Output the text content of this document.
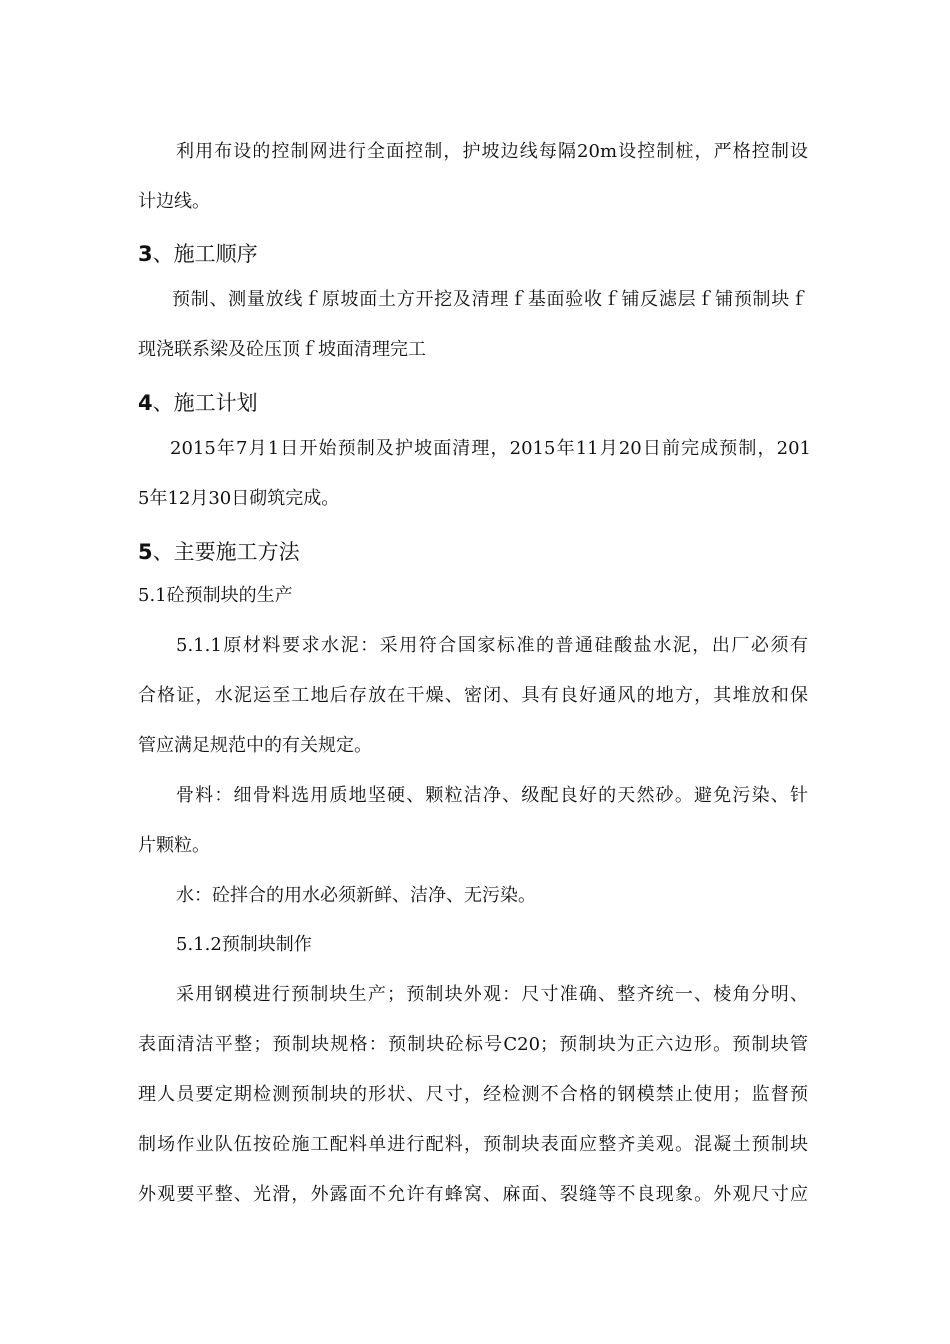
利用布设的控制网进行全面控制，护坡边线每隔20m设控制桩，严格控制设
计边线。
3、施工顺序
预制、测量放线ｆ原坡面土方开挖及清理ｆ基面验收ｆ铺反滤层ｆ铺预制块ｆ
现浇联系梁及砼压顶ｆ坡面清理完工
4、施工计划
2015年7月1日开始预制及护坡面清理，2015年11月20日前完成预制，201
5年12月30日砌筑完成。
5、主要施工方法
5.1砼预制块的生产
5.1.1原材料要求水泥：采用符合国家标准的普通硅酸盐水泥，出厂必须有
合格证，水泥运至工地后存放在干燥、密闭、具有良好通风的地方，其堆放和保
管应满足规范中的有关规定。
骨料：细骨料选用质地坚硬、颗粒洁净、级配良好的天然砂。避免污染、针
片颗粒。
水：砼拌合的用水必须新鲜、洁净、无污染。
5.1.2预制块制作
采用钢模进行预制块生产；预制块外观：尺寸准确、整齐统一、棱角分明、
表面清洁平整；预制块规格：预制块砼标号C20；预制块为正六边形。预制块管
理人员要定期检测预制块的形状、尺寸，经检测不合格的钢模禁止使用；监督预
制场作业队伍按砼施工配料单进行配料，预制块表面应整齐美观。混凝土预制块
外观要平整、光滑，外露面不允许有蜂窝、麻面、裂缝等不良现象。外观尺寸应
